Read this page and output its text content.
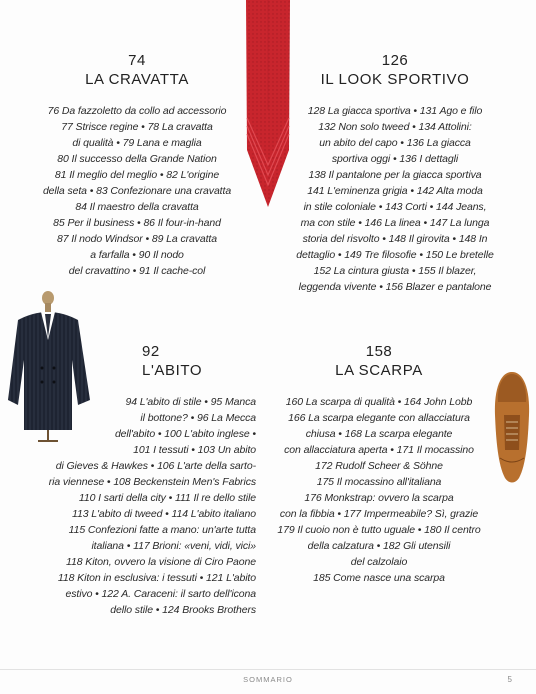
74
LA CRAVATTA
76 Da fazzoletto da collo ad accessorio
77 Strisce regine • 78 La cravatta
di qualità • 79 Lana e maglia
80 Il successo della Grande Nation
81 Il meglio del meglio • 82 L'origine
della seta • 83 Confezionare una cravatta
84 Il maestro della cravatta
85 Per il business • 86 Il four-in-hand
87 Il nodo Windsor • 89 La cravatta
a farfalla • 90 Il nodo
del cravattino • 91 Il cache-col
126
IL LOOK SPORTIVO
128 La giacca sportiva • 131 Ago e filo
132 Non solo tweed • 134 Attolini:
un abito del capo • 136 La giacca
sportiva oggi • 136 I dettagli
138 Il pantalone per la giacca sportiva
141 L'eminenza grigia • 142 Alta moda
in stile coloniale • 143 Corti • 144 Jeans,
ma con stile • 146 La linea • 147 La lunga
storia del risvolto • 148 Il girovita • 148 In
dettaglio • 149 Tre filosofie • 150 Le bretelle
152 La cintura giusta • 155 Il blazer,
leggenda vivente • 156 Blazer e pantalone
92
L'ABITO
94 L'abito di stile • 95 Manca
il bottone? • 96 La Mecca
dell'abito • 100 L'abito inglese •
101 I tessuti • 103 Un abito
di Gieves & Hawkes • 106 L'arte della sarto-
ria viennese • 108 Beckenstein Men's Fabrics
110 I sarti della city • 111 Il re dello stile
113 L'abito di tweed • 114 L'abito italiano
115 Confezioni fatte a mano: un'arte tutta
italiana • 117 Brioni: «veni, vidi, vici»
118 Kiton, ovvero la visione di Ciro Paone
118 Kiton in esclusiva: i tessuti • 121 L'abito
estivo • 122 A. Caraceni: il sarto dell'icona
dello stile • 124 Brooks Brothers
158
LA SCARPA
160 La scarpa di qualità • 164 John Lobb
166 La scarpa elegante con allacciatura
chiusa • 168 La scarpa elegante
con allacciatura aperta • 171 Il mocassino
172 Rudolf Scheer & Söhne
175 Il mocassino all'italiana
176 Monkstrap: ovvero la scarpa
con la fibbia • 177 Impermeabile? Sì, grazie
179 Il cuoio non è tutto uguale • 180 Il centro
della calzatura • 182 Gli utensili
del calzolaio
185 Come nasce una scarpa
SOMMARIO	5
